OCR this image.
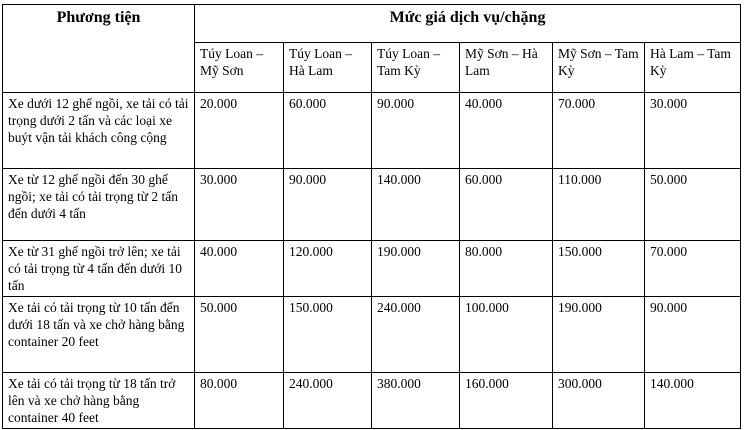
Phương tiện	Mức giá dịch vụ/chặng					
	Túy Loan – Mỹ Sơn	Túy Loan – Hà Lam	Túy Loan – Tam Kỳ	Mỹ Sơn – Hà Lam	Mỹ Sơn – Tam Kỳ	Hà Lam – Tam Kỳ
Xe dưới 12 ghế ngồi, xe tải có tải trọng dưới 2 tấn và các loại xe buýt vận tải khách công cộng	20.000	60.000	90.000	40.000	70.000	30.000
Xe từ 12 ghế ngồi đến 30 ghế ngồi; xe tải có tải trọng từ 2 tấn đến dưới 4 tấn	30.000	90.000	140.000	60.000	110.000	50.000
Xe từ 31 ghế ngồi trở lên; xe tải có tải trọng từ 4 tấn đến dưới 10 tấn	40.000	120.000	190.000	80.000	150.000	70.000
Xe tải có tải trọng từ 10 tấn đến dưới 18 tấn và xe chở hàng bằng container 20 feet	50.000	150.000	240.000	100.000	190.000	90.000
Xe tải có tải trọng từ 18 tấn trở lên và xe chở hàng bằng container 40 feet	80.000	240.000	380.000	160.000	300.000	140.000
